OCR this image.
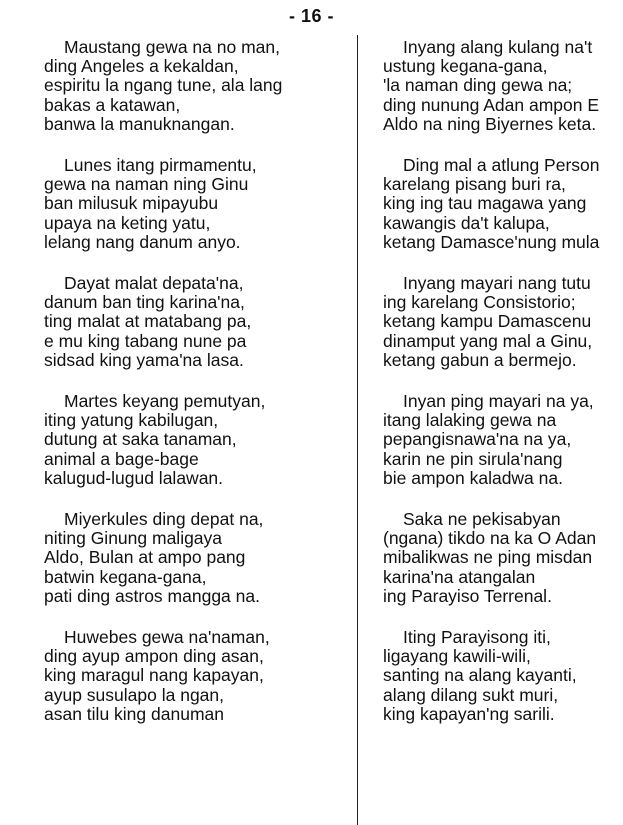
- 16 -
Maustang gewa na no man,
ding Angeles a kekaldan,
espiritu la ngang tune, ala lang
bakas a katawan,
banwa la manuknangan.
Lunes itang pirmamentu,
gewa na naman ning Ginu
ban milusuk mipayubu
upaya na keting yatu,
lelang nang danum anyo.
Dayat malat depata'na,
danum ban ting karina'na,
ting malat at matabang pa,
e mu king tabang nune pa
sidsad king yama'na lasa.
Martes keyang pemutyan,
iting yatung kabilugan,
dutung at saka tanaman,
animal a bage-bage
kalugud-lugud lalawan.
Miyerkules ding depat na,
niting Ginung maligaya
Aldo, Bulan at ampo pang
batwin kegana-gana,
pati ding astros mangga na.
Huwebes gewa na'naman,
ding ayup ampon ding asan,
king maragul nang kapayan,
ayup susulapo la ngan,
asan tilu king danuman
Inyang alang kulang na't
ustung kegana-gana,
'la naman ding gewa na;
ding nunung Adan ampon E
Aldo na ning Biyernes keta.
Ding mal a atlung Person
karelang pisang buri ra,
king ing tau magawa yang
kawangis da't kalupa,
ketang Damasce'nung mula
Inyang mayari nang tutu
ing karelang Consistorio;
ketang kampu Damascenu
dinamput yang mal a Ginu,
ketang gabun a bermejo.
Inyan ping mayari na ya,
itang lalaking gewa na
pepangisnawa'na na ya,
karin ne pin sirula'nang
bie ampon kaladwa na.
Saka ne pekisabyan
(ngana) tikdo na ka O Adan
mibalikwas ne ping misdan
karina'na atangalan
ing Parayiso Terrenal.
Iting Parayisong iti,
ligayang kawili-wili,
santing na alang kayanti,
alang dilang sukt muri,
king kapayan'ng sarili.
